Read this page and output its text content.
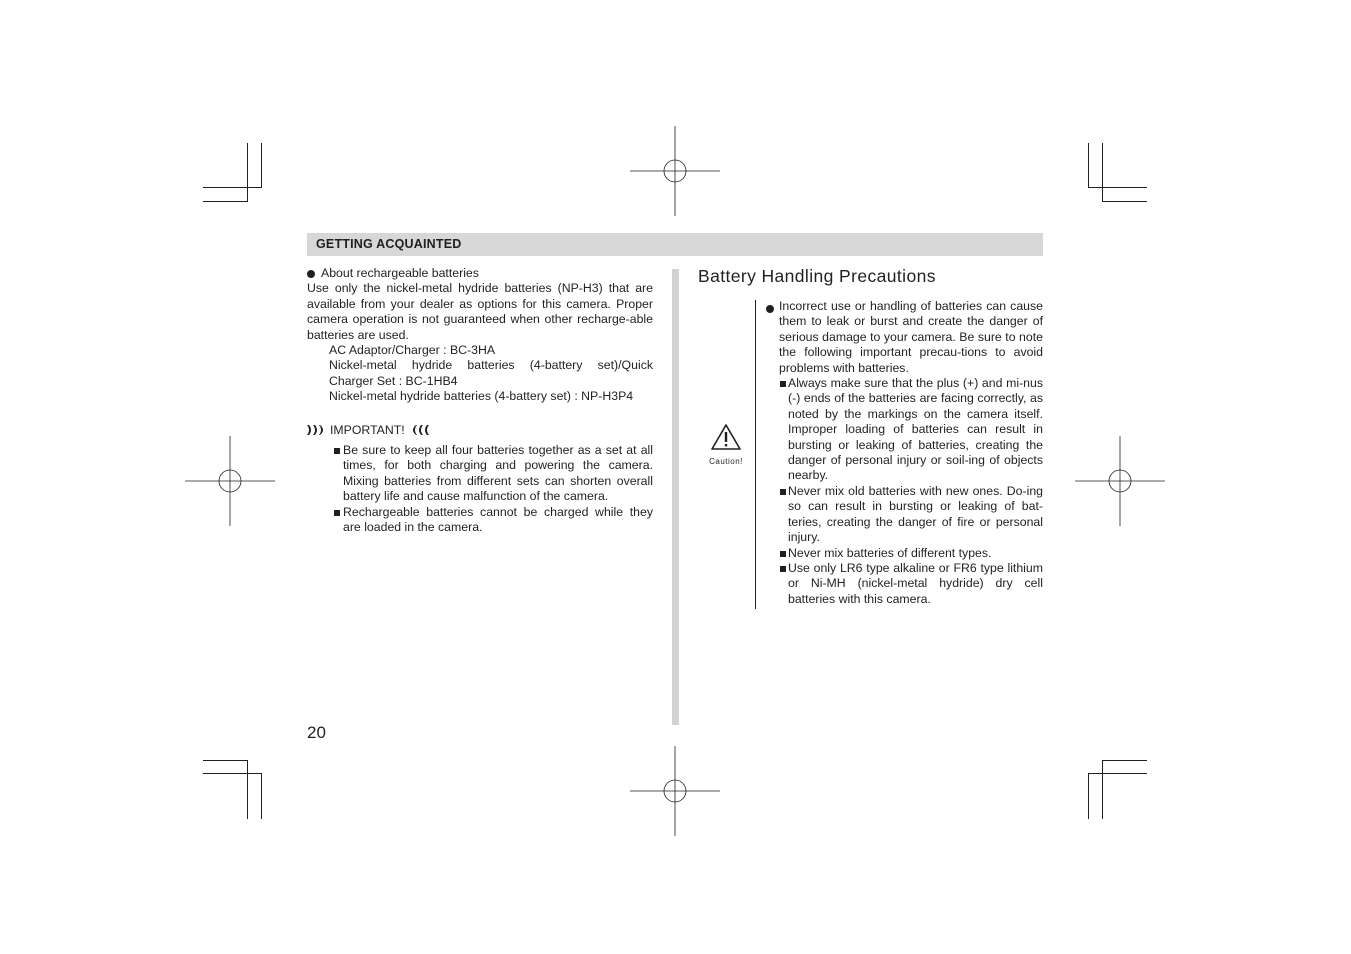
GETTING ACQUAINTED
About rechargeable batteries

Use only the nickel-metal hydride batteries (NP-H3) that are available from your dealer as options for this camera. Proper camera operation is not guaranteed when other recharge-able batteries are used.

AC Adaptor/Charger : BC-3HA
Nickel-metal hydride batteries (4-battery set)/Quick Charger Set : BC-1HB4
Nickel-metal hydride batteries (4-battery set) : NP-H3P4
IMPORTANT!
Be sure to keep all four batteries together as a set at all times, for both charging and powering the camera. Mixing batteries from different sets can shorten overall battery life and cause malfunction of the camera.
Rechargeable batteries cannot be charged while they are loaded in the camera.
Battery Handling Precautions
Caution!
Incorrect use or handling of batteries can cause them to leak or burst and create the danger of serious damage to your camera. Be sure to note the following important precau-tions to avoid problems with batteries.
Always make sure that the plus (+) and mi-nus (-) ends of the batteries are facing correctly, as noted by the markings on the camera itself. Improper loading of batteries can result in bursting or leaking of batteries, creating the danger of personal injury or soil-ing of objects nearby.
Never mix old batteries with new ones. Do-ing so can result in bursting or leaking of bat-teries, creating the danger of fire or personal injury.
Never mix batteries of different types.
Use only LR6 type alkaline or FR6 type lithium or Ni-MH (nickel-metal hydride) dry cell batteries with this camera.
20
